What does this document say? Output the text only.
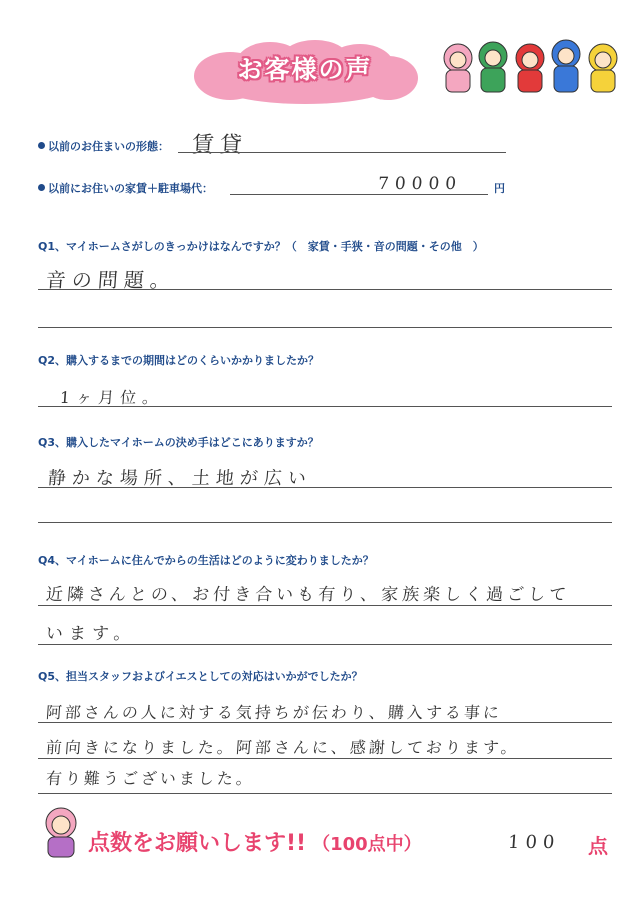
お客様の声
以前のお住まいの形態： 賃貸
以前にお住いの家賃＋駐車場代：	70000	円
Q1、マイホームさがしのきっかけはなんですか？（　家賃・手狭・音の問題・その他　）
音の問題。
Q2、購入するまでの期間はどのくらいかかりましたか？
1ヶ月位。
Q3、購入したマイホームの決め手はどこにありますか？
静かな場所、土地が広い
Q4、マイホームに住んでからの生活はどのように変わりましたか？
近隣さんとの、お付き合いも有り、家族楽しく過ごして
います。
Q5、担当スタッフおよびイエスとしての対応はいかがでしたか？
阿部さんの人に対する気持ちが伝わり、購入する事に
前向きになりました。阿部さんに、感謝しております。
有り難うございました。
点数をお願いします!! （100点中）	100 点
